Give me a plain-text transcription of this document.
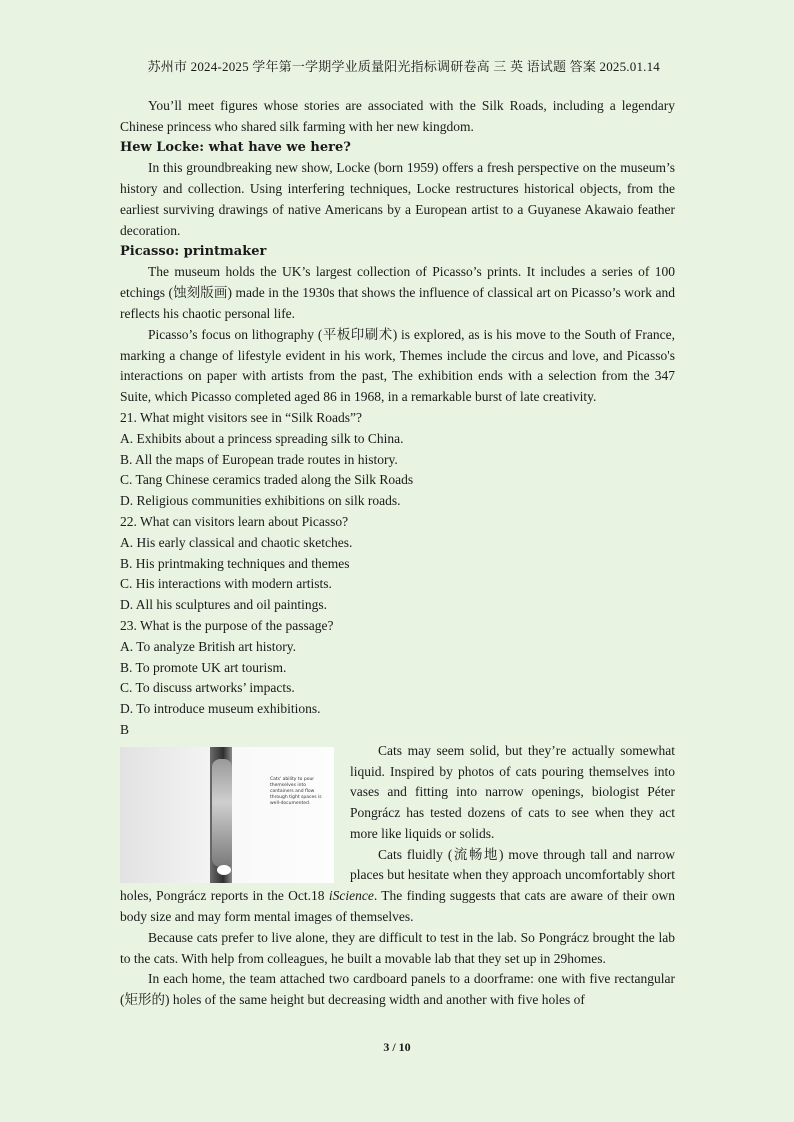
苏州市 2024-2025 学年第一学期学业质量阳光指标调研卷高 三 英 语试题 答案 2025.01.14

You’ll meet figures whose stories are associated with the Silk Roads, including a legendary Chinese princess who shared silk farming with her new kingdom.

Hew Locke: what have we here?

In this groundbreaking new show, Locke (born 1959) offers a fresh perspective on the museum’s history and collection. Using interfering techniques, Locke restructures historical objects, from the earliest surviving drawings of native Americans by a European artist to a Guyanese Akawaio feather decoration.

Picasso: printmaker

The museum holds the UK’s largest collection of Picasso’s prints. It includes a series of 100 etchings (蚀刻版画) made in the 1930s that shows the influence of classical art on Picasso’s work and reflects his chaotic personal life.

Picasso’s focus on lithography (平板印刷术) is explored, as is his move to the South of France, marking a change of lifestyle evident in his work, Themes include the circus and love, and Picasso's interactions on paper with artists from the past, The exhibition ends with a selection from the 347 Suite, which Picasso completed aged 86 in 1968, in a remarkable burst of late creativity.

21. What might visitors see in “Silk Roads”?

A. Exhibits about a princess spreading silk to China.

B. All the maps of European trade routes in history.

C. Tang Chinese ceramics traded along the Silk Roads

D. Religious communities exhibitions on silk roads.

22. What can visitors learn about Picasso?

A. His early classical and chaotic sketches.

B. His printmaking techniques and themes

C. His interactions with modern artists.

D. All his sculptures and oil paintings.

23. What is the purpose of the passage?

A. To analyze British art history.

B. To promote UK art tourism.

C. To discuss artworks’ impacts.

D. To introduce museum exhibitions.

B

Cats' ability to pour themselves into containers and flow through tight spaces is well-documented.

Cats may seem solid, but they’re actually somewhat liquid. Inspired by photos of cats pouring themselves into vases and fitting into narrow openings, biologist Péter Pongrácz has tested dozens of cats to see when they act more like liquids or solids.

Cats fluidly (流畅地) move through tall and narrow places but hesitate when they approach uncomfortably short holes, Pongrácz reports in the Oct.18 iScience. The finding suggests that cats are aware of their own body size and may form mental images of themselves.

Because cats prefer to live alone, they are difficult to test in the lab. So Pongrácz brought the lab to the cats. With help from colleagues, he built a movable lab that they set up in 29homes.

In each home, the team attached two cardboard panels to a doorframe: one with five rectangular (矩形的) holes of the same height but decreasing width and another with five holes of

3 / 10
